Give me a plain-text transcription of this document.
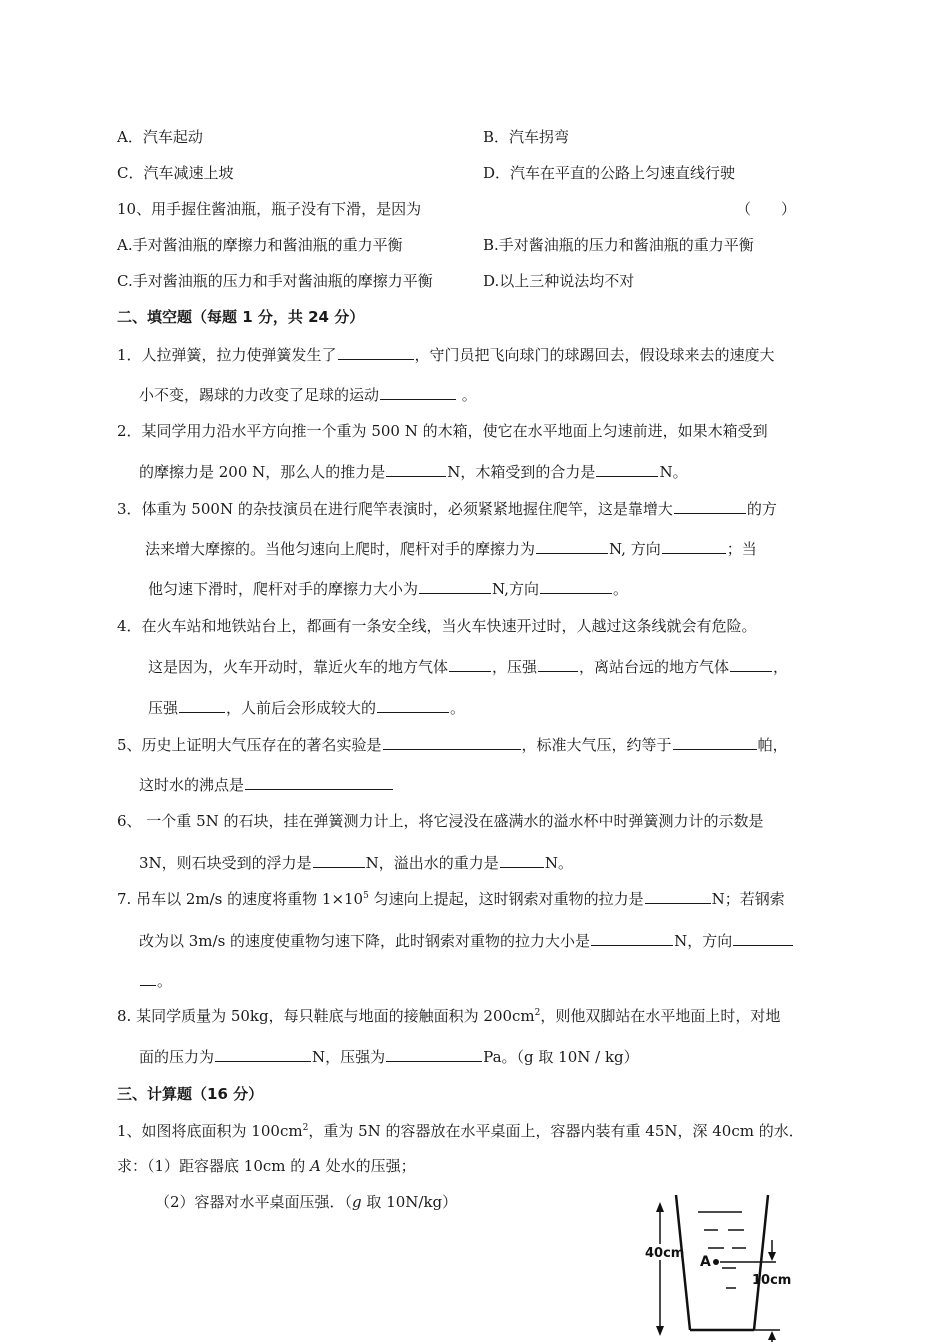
A．汽车起动	B．汽车拐弯
C．汽车减速上坡	D．汽车在平直的公路上匀速直线行驶
10、用手握住酱油瓶，瓶子没有下滑，是因为	（　　）
A.手对酱油瓶的摩擦力和酱油瓶的重力平衡	B.手对酱油瓶的压力和酱油瓶的重力平衡
C.手对酱油瓶的压力和手对酱油瓶的摩擦力平衡	D.以上三种说法均不对
二、填空题（每题 1 分，共 24 分）
1．人拉弹簧，拉力使弹簧发生了	，守门员把飞向球门的球踢回去，假设球来去的速度大
小不变，踢球的力改变了足球的运动	。
2．某同学用力沿水平方向推一个重为 500 N 的木箱，使它在水平地面上匀速前进，如果木箱受到
的摩擦力是 200 N，那么人的推力是	N，木箱受到的合力是	N。
3．体重为 500N 的杂技演员在进行爬竿表演时，必须紧紧地握住爬竿，这是靠增大	的方
法来增大摩擦的。当他匀速向上爬时，爬杆对手的摩擦力为	N, 方向	；当
他匀速下滑时，爬杆对手的摩擦力大小为	N,方向	。
4．在火车站和地铁站台上，都画有一条安全线，当火车快速开过时，人越过这条线就会有危险。
这是因为，火车开动时，靠近火车的地方气体	，压强	，离站台远的地方气体	，
压强	，人前后会形成较大的	。
5、历史上证明大气压存在的著名实验是	，标准大气压，约等于	帕，
这时水的沸点是
6、 一个重 5N 的石块，挂在弹簧测力计上，将它浸没在盛满水的溢水杯中时弹簧测力计的示数是
3N，则石块受到的浮力是	N，溢出水的重力是	N。
7. 吊车以 2m/s 的速度将重物 $1\times 10^5$ 匀速向上提起，这时钢索对重物的拉力是	N；若钢索
改为以 3m/s 的速度使重物匀速下降，此时钢索对重物的拉力大小是	N，方向
。
8. 某同学质量为 50kg，每只鞋底与地面的接触面积为 $200cm^2$，则他双脚站在水平地面上时，对地
面的压力为	N，压强为	Pa。（g 取 10N / kg）
三、计算题（16 分）
1、如图将底面积为 $100cm^2$，重为 5N 的容器放在水平桌面上，容器内装有重 45N，深 40cm 的水．
求：（1）距容器底 10cm 的 A 处水的压强；
（2）容器对水平桌面压强．（g 取 10N/kg）
40cm
A
10cm
